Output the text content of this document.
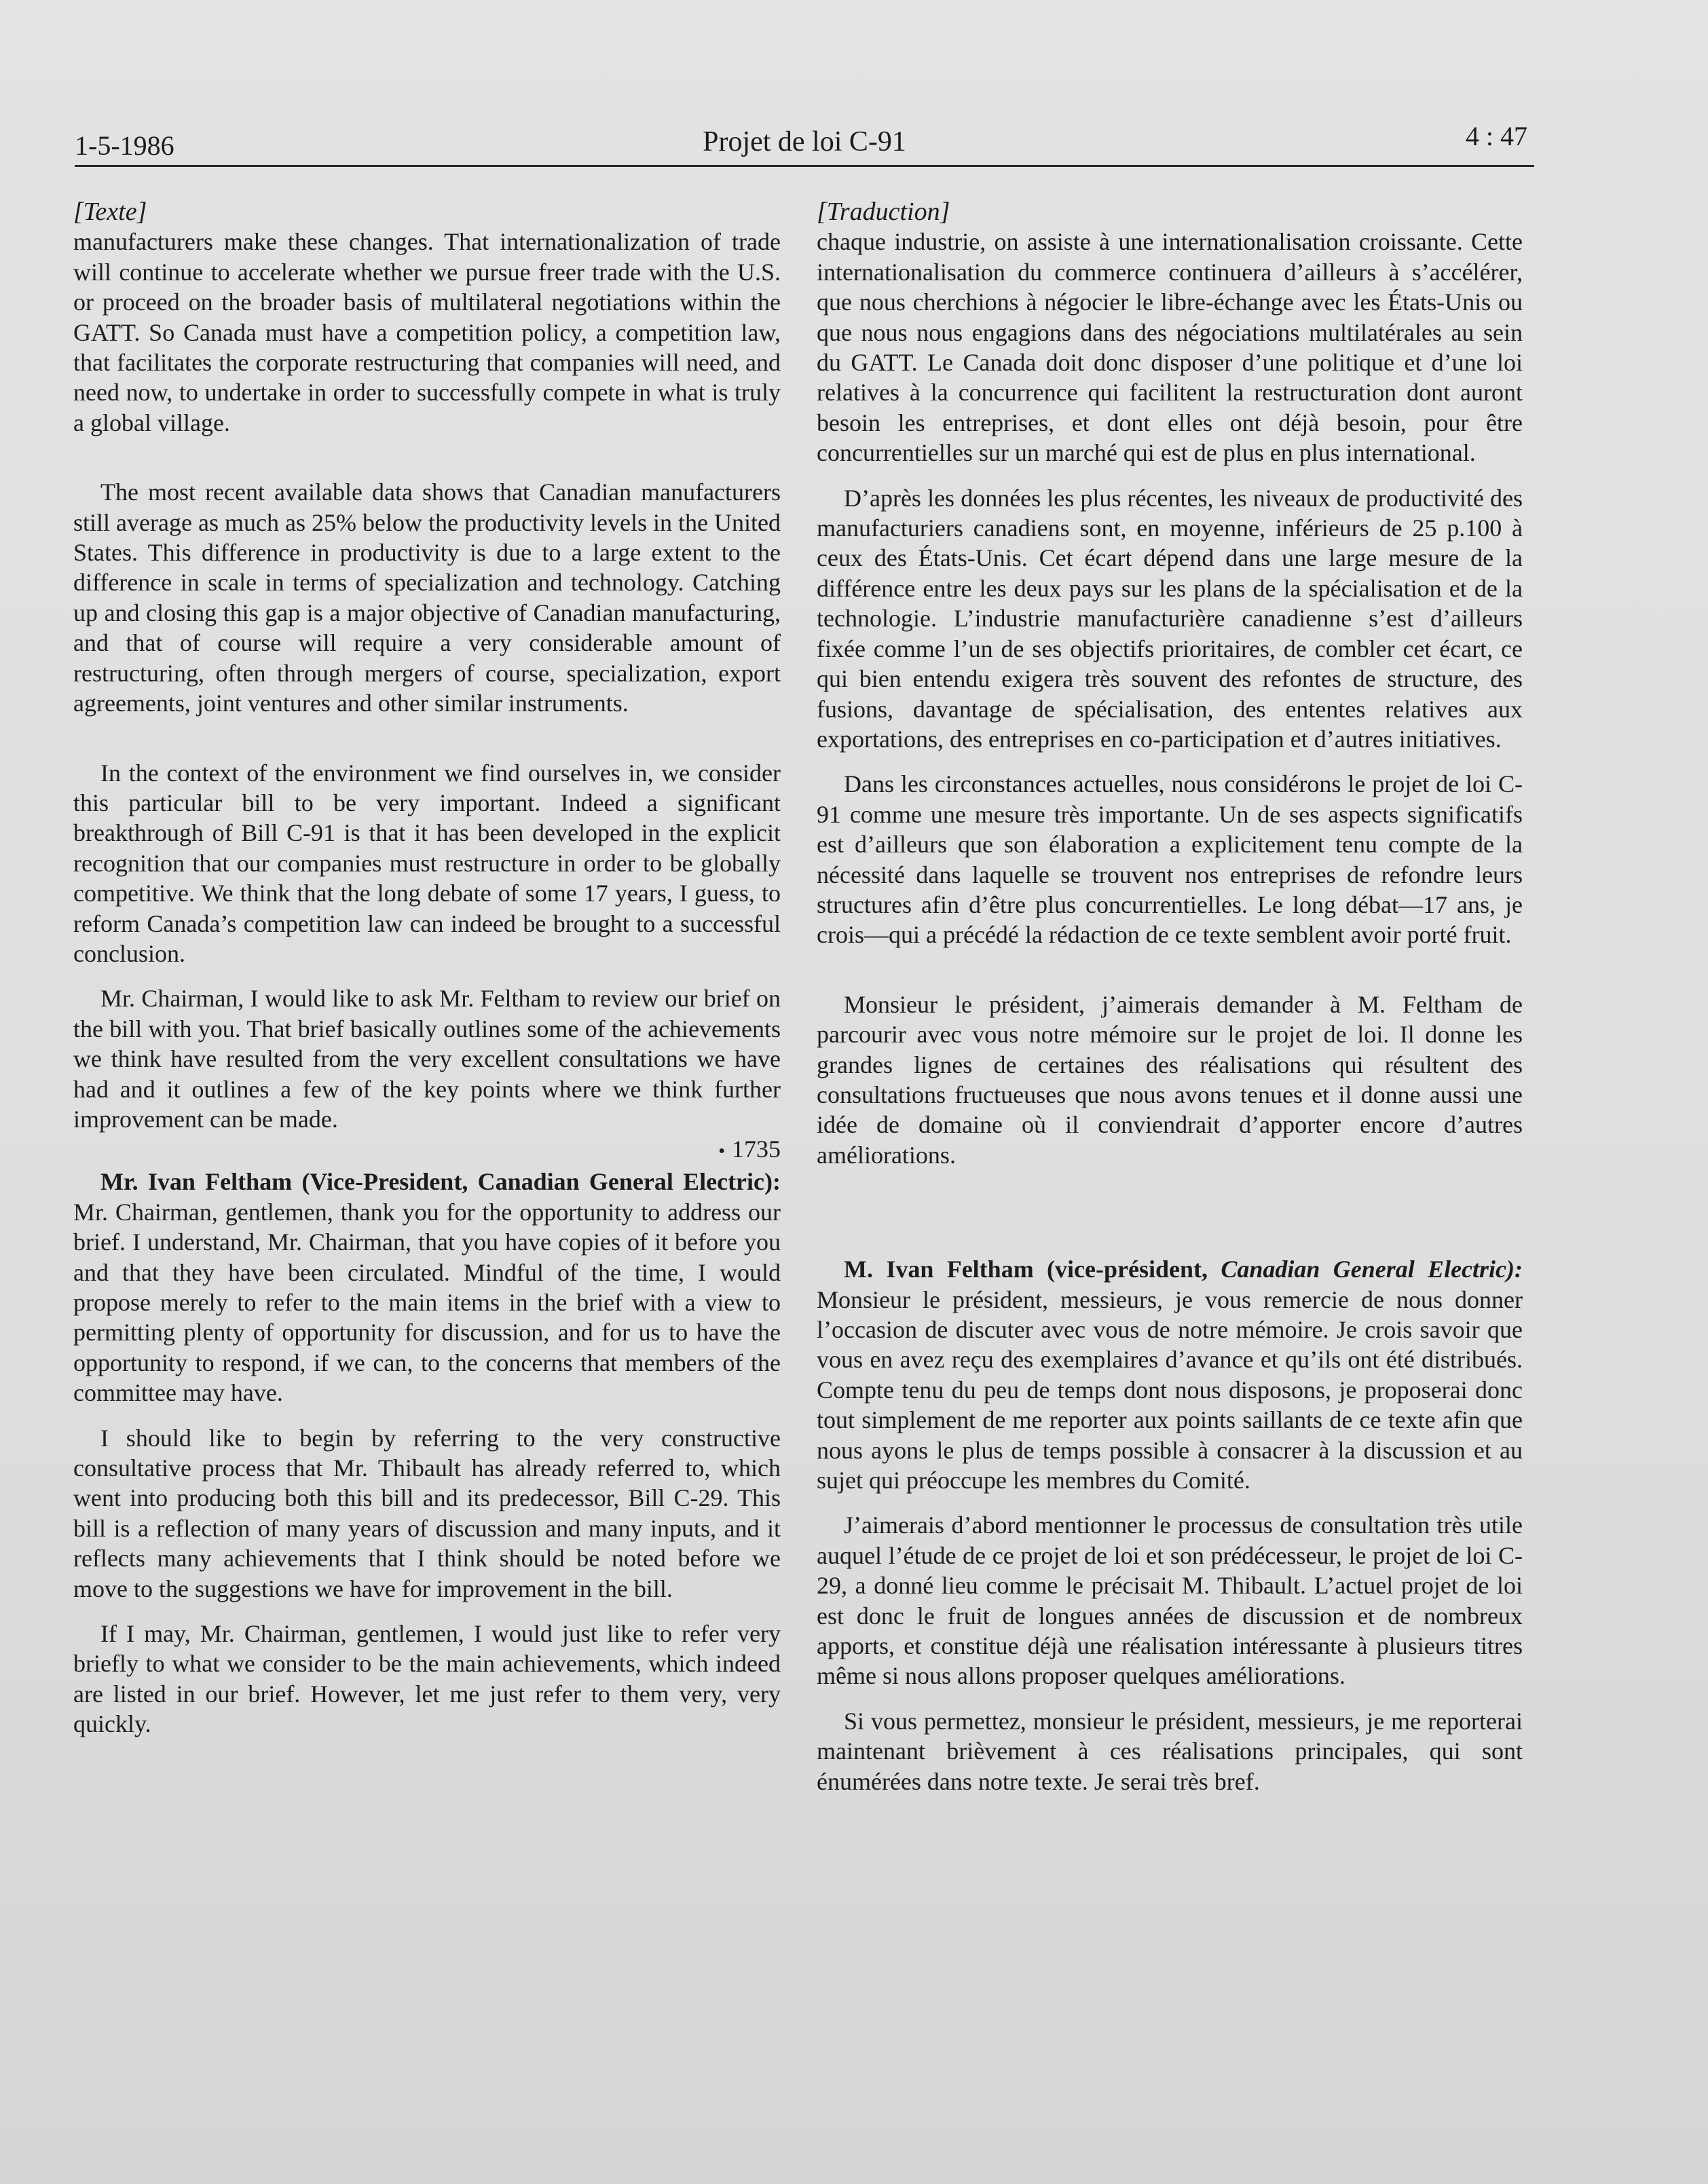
1-5-1986	Projet de loi C-91	4 : 47

[Texte]

manufacturers make these changes. That internationalization of trade will continue to accelerate whether we pursue freer trade with the U.S. or proceed on the broader basis of multilateral negotiations within the GATT. So Canada must have a competition policy, a competition law, that facilitates the corporate restructuring that companies will need, and need now, to undertake in order to successfully compete in what is truly a global village.

The most recent available data shows that Canadian manufacturers still average as much as 25% below the productivity levels in the United States. This difference in productivity is due to a large extent to the difference in scale in terms of specialization and technology. Catching up and closing this gap is a major objective of Canadian manufacturing, and that of course will require a very considerable amount of restructuring, often through mergers of course, specialization, export agreements, joint ventures and other similar instruments.

In the context of the environment we find ourselves in, we consider this particular bill to be very important. Indeed a significant breakthrough of Bill C-91 is that it has been developed in the explicit recognition that our companies must restructure in order to be globally competitive. We think that the long debate of some 17 years, I guess, to reform Canada’s competition law can indeed be brought to a successful conclusion.

Mr. Chairman, I would like to ask Mr. Feltham to review our brief on the bill with you. That brief basically outlines some of the achievements we think have resulted from the very excellent consultations we have had and it outlines a few of the key points where we think further improvement can be made.

• 1735

Mr. Ivan Feltham (Vice-President, Canadian General Electric): Mr. Chairman, gentlemen, thank you for the opportunity to address our brief. I understand, Mr. Chairman, that you have copies of it before you and that they have been circulated. Mindful of the time, I would propose merely to refer to the main items in the brief with a view to permitting plenty of opportunity for discussion, and for us to have the opportunity to respond, if we can, to the concerns that members of the committee may have.

I should like to begin by referring to the very constructive consultative process that Mr. Thibault has already referred to, which went into producing both this bill and its predecessor, Bill C-29. This bill is a reflection of many years of discussion and many inputs, and it reflects many achievements that I think should be noted before we move to the suggestions we have for improvement in the bill.

If I may, Mr. Chairman, gentlemen, I would just like to refer very briefly to what we consider to be the main achievements, which indeed are listed in our brief. However, let me just refer to them very, very quickly.

[Traduction]

chaque industrie, on assiste à une internationalisation croissante. Cette internationalisation du commerce continuera d’ailleurs à s’accélérer, que nous cherchions à négocier le libre-échange avec les États-Unis ou que nous nous engagions dans des négociations multilatérales au sein du GATT. Le Canada doit donc disposer d’une politique et d’une loi relatives à la concurrence qui facilitent la restructuration dont auront besoin les entreprises, et dont elles ont déjà besoin, pour être concurrentielles sur un marché qui est de plus en plus international.

D’après les données les plus récentes, les niveaux de productivité des manufacturiers canadiens sont, en moyenne, inférieurs de 25 p.100 à ceux des États-Unis. Cet écart dépend dans une large mesure de la différence entre les deux pays sur les plans de la spécialisation et de la technologie. L’industrie manufacturière canadienne s’est d’ailleurs fixée comme l’un de ses objectifs prioritaires, de combler cet écart, ce qui bien entendu exigera très souvent des refontes de structure, des fusions, davantage de spécialisation, des ententes relatives aux exportations, des entreprises en co-participation et d’autres initiatives.

Dans les circonstances actuelles, nous considérons le projet de loi C-91 comme une mesure très importante. Un de ses aspects significatifs est d’ailleurs que son élaboration a explicitement tenu compte de la nécessité dans laquelle se trouvent nos entreprises de refondre leurs structures afin d’être plus concurrentielles. Le long débat—17 ans, je crois—qui a précédé la rédaction de ce texte semblent avoir porté fruit.

Monsieur le président, j’aimerais demander à M. Feltham de parcourir avec vous notre mémoire sur le projet de loi. Il donne les grandes lignes de certaines des réalisations qui résultent des consultations fructueuses que nous avons tenues et il donne aussi une idée de domaine où il conviendrait d’apporter encore d’autres améliorations.

M. Ivan Feltham (vice-président, Canadian General Electric): Monsieur le président, messieurs, je vous remercie de nous donner l’occasion de discuter avec vous de notre mémoire. Je crois savoir que vous en avez reçu des exemplaires d’avance et qu’ils ont été distribués. Compte tenu du peu de temps dont nous disposons, je proposerai donc tout simplement de me reporter aux points saillants de ce texte afin que nous ayons le plus de temps possible à consacrer à la discussion et au sujet qui préoccupe les membres du Comité.

J’aimerais d’abord mentionner le processus de consultation très utile auquel l’étude de ce projet de loi et son prédécesseur, le projet de loi C-29, a donné lieu comme le précisait M. Thibault. L’actuel projet de loi est donc le fruit de longues années de discussion et de nombreux apports, et constitue déjà une réalisation intéressante à plusieurs titres même si nous allons proposer quelques améliorations.

Si vous permettez, monsieur le président, messieurs, je me reporterai maintenant brièvement à ces réalisations principales, qui sont énumérées dans notre texte. Je serai très bref.
